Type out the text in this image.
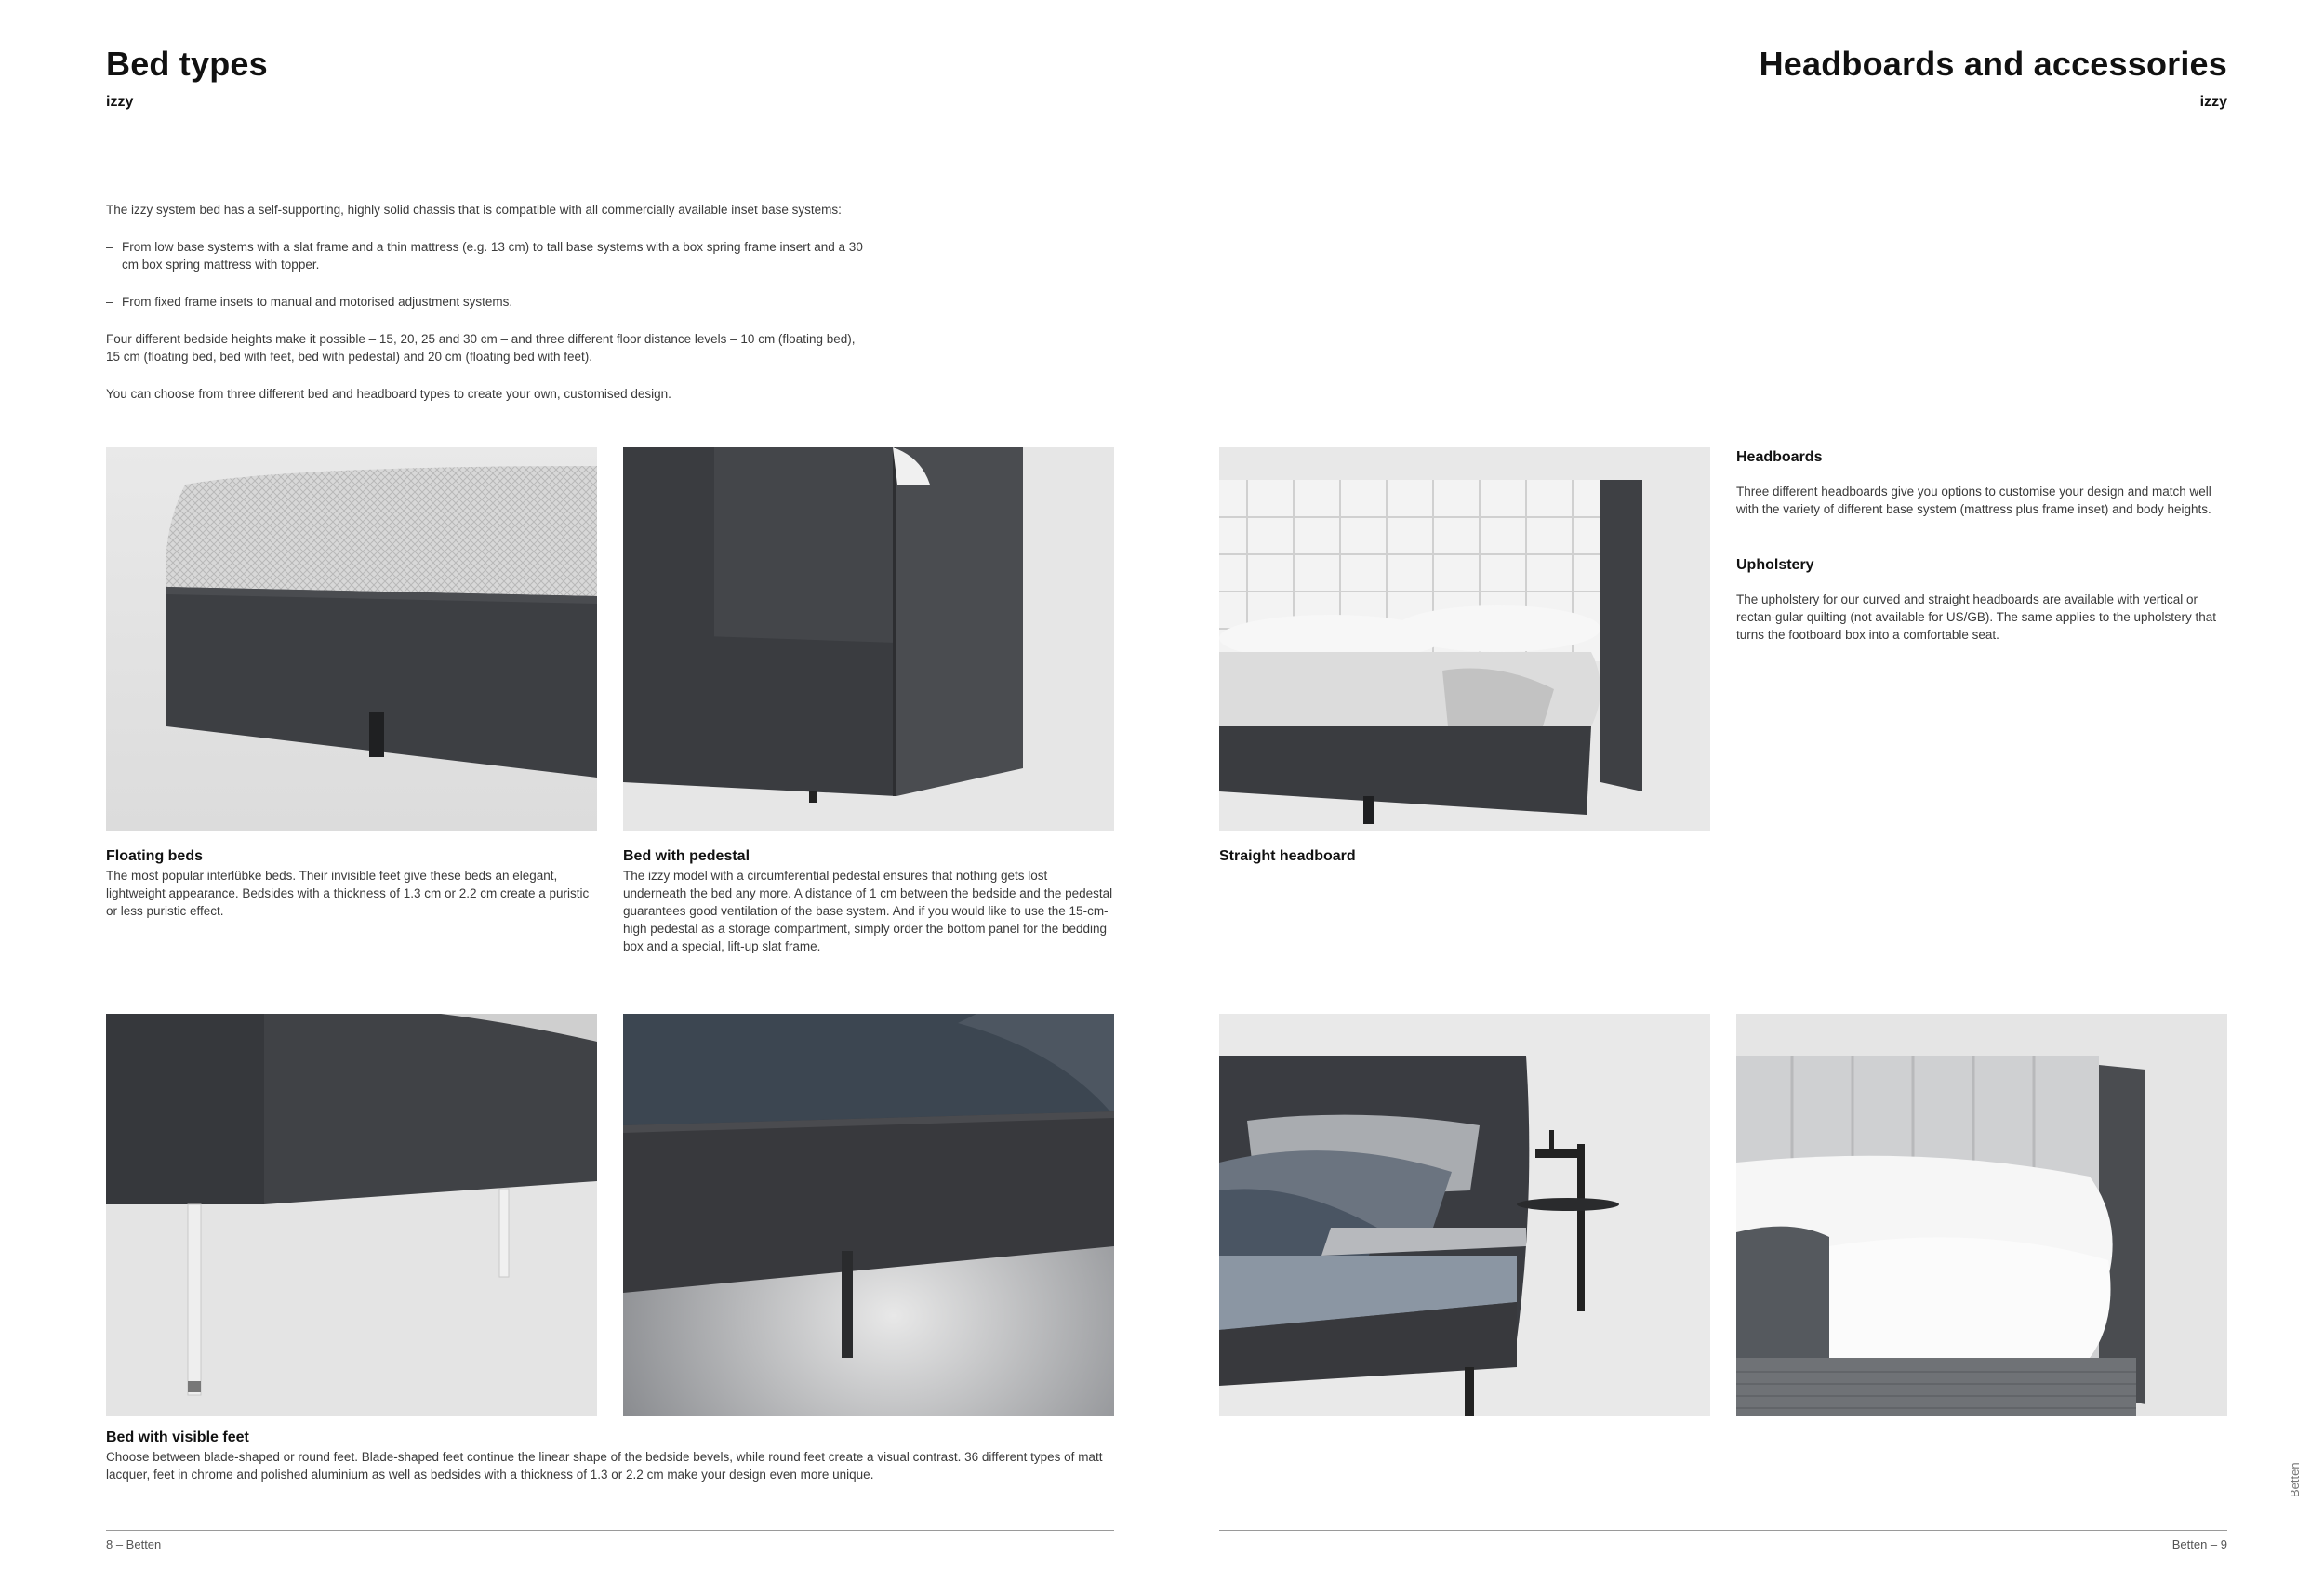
Bed types
izzy
Headboards and accessories
izzy

The izzy system bed has a self-supporting, highly solid chassis that is compatible with all commercially available inset base systems:

– From low base systems with a slat frame and a thin mattress (e.g. 13 cm) to tall base systems with a box spring frame insert and a 30 cm box spring mattress with topper.

– From fixed frame insets to manual and motorised adjustment systems.

Four different bedside heights make it possible – 15, 20, 25 and 30 cm – and three different floor distance levels – 10 cm (floating bed), 15 cm (floating bed, bed with feet, bed with pedestal) and 20 cm (floating bed with feet).

You can choose from three different bed and headboard types to create your own, customised design.

Floating beds

The most popular interlübke beds. Their invisible feet give these beds an elegant, lightweight appearance. Bedsides with a thickness of 1.3 cm or 2.2 cm create a puristic or less puristic effect.

Bed with pedestal

The izzy model with a circumferential pedestal ensures that nothing gets lost underneath the bed any more. A distance of 1 cm between the bedside and the pedestal guarantees good ventilation of the base system. And if you would like to use the 15-cm-high pedestal as a storage compartment, simply order the bottom panel for the bedding box and a special, lift-up slat frame.

Bed with visible feet

Choose between blade-shaped or round feet. Blade-shaped feet continue the linear shape of the bedside bevels, while round feet create a visual contrast. 36 different types of matt lacquer, feet in chrome and polished aluminium as well as bedsides with a thickness of 1.3 or 2.2 cm make your design even more unique.

Straight headboard
Headboards

Three different headboards give you options to customise your design and match well with the variety of different base system (mattress plus frame inset) and body heights.

Upholstery

The upholstery for our curved and straight headboards are available with vertical or rectan-gular quilting (not available for US/GB). The same applies to the upholstery that turns the footboard box into a comfortable seat.

8 – Betten	Betten – 9
Betten
